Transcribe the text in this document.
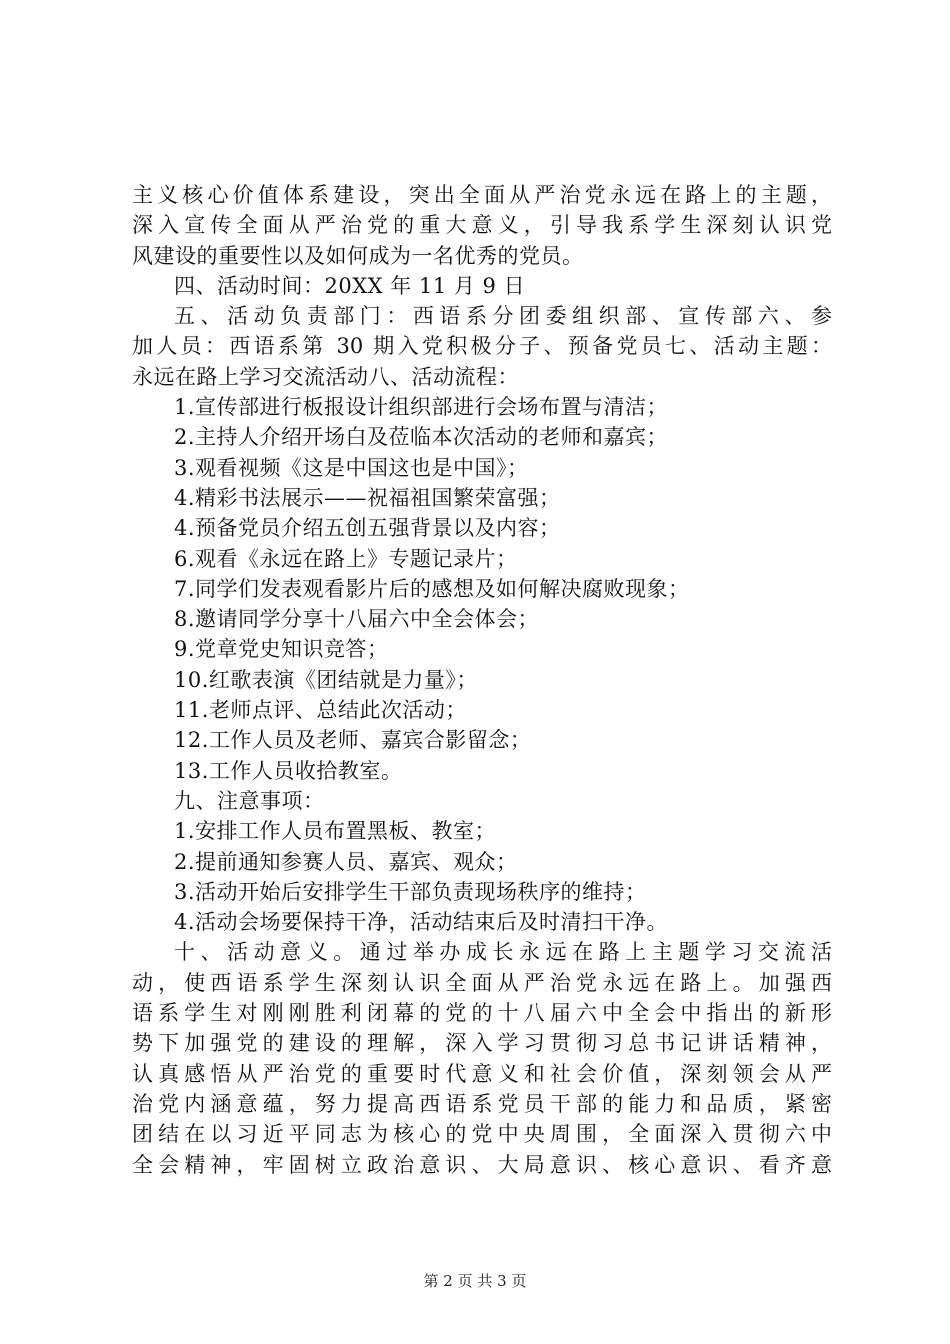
主义核心价值体系建设，突出全面从严治党永远在路上的主题，
深入宣传全面从严治党的重大意义，引导我系学生深刻认识党
风建设的重要性以及如何成为一名优秀的党员。
四、活动时间：20XX 年 11 月 9 日
五、活动负责部门：西语系分团委组织部、宣传部六、参
加人员：西语系第 30 期入党积极分子、预备党员七、活动主题：
永远在路上学习交流活动八、活动流程：
1.宣传部进行板报设计组织部进行会场布置与清洁；
2.主持人介绍开场白及莅临本次活动的老师和嘉宾；
3.观看视频《这是中国这也是中国》；
4.精彩书法展示——祝福祖国繁荣富强；
4.预备党员介绍五创五强背景以及内容；
6.观看《永远在路上》专题记录片；
7.同学们发表观看影片后的感想及如何解决腐败现象；
8.邀请同学分享十八届六中全会体会；
9.党章党史知识竞答；
10.红歌表演《团结就是力量》；
11.老师点评、总结此次活动；
12.工作人员及老师、嘉宾合影留念；
13.工作人员收拾教室。
九、注意事项：
1.安排工作人员布置黑板、教室；
2.提前通知参赛人员、嘉宾、观众；
3.活动开始后安排学生干部负责现场秩序的维持；
4.活动会场要保持干净，活动结束后及时清扫干净。
十、活动意义。通过举办成长永远在路上主题学习交流活
动，使西语系学生深刻认识全面从严治党永远在路上。加强西
语系学生对刚刚胜利闭幕的党的十八届六中全会中指出的新形
势下加强党的建设的理解，深入学习贯彻习总书记讲话精神，
认真感悟从严治党的重要时代意义和社会价值，深刻领会从严
治党内涵意蕴，努力提高西语系党员干部的能力和品质，紧密
团结在以习近平同志为核心的党中央周围，全面深入贯彻六中
全会精神，牢固树立政治意识、大局意识、核心意识、看齐意
第 2 页 共 3 页
